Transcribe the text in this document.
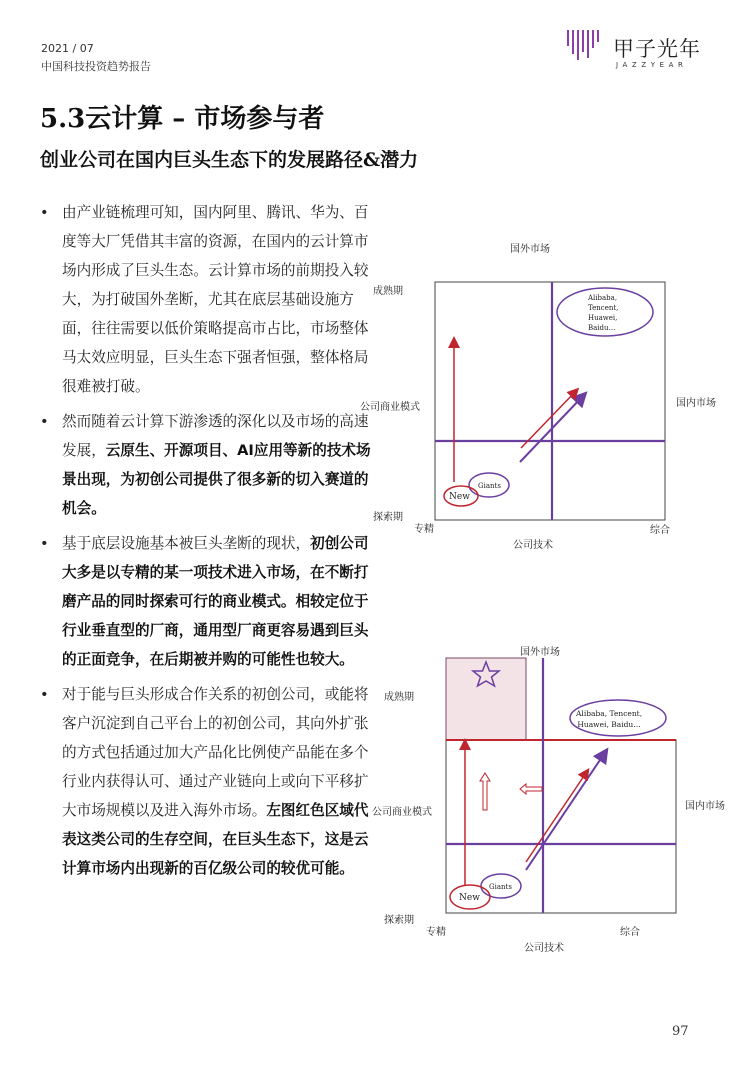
2021 / 07
中国科技投资趋势报告
甲子光年
JAZZYEAR
5.3云计算 – 市场参与者
创业公司在国内巨头生态下的发展路径&潜力
• 由产业链梳理可知，国内阿里、腾讯、华为、百度等大厂凭借其丰富的资源，在国内的云计算市场内形成了巨头生态。云计算市场的前期投入较大，为打破国外垄断，尤其在底层基础设施方面，往往需要以低价策略提高市占比，市场整体马太效应明显，巨头生态下强者恒强，整体格局很难被打破。
• 然而随着云计算下游渗透的深化以及市场的高速发展，云原生、开源项目、AI应用等新的技术场景出现，为初创公司提供了很多新的切入赛道的机会。
• 基于底层设施基本被巨头垄断的现状，初创公司大多是以专精的某一项技术进入市场，在不断打磨产品的同时探索可行的商业模式。相较定位于行业垂直型的厂商，通用型厂商更容易遇到巨头的正面竞争，在后期被并购的可能性也较大。
• 对于能与巨头形成合作关系的初创公司，或能将客户沉淀到自己平台上的初创公司，其向外扩张的方式包括通过加大产品化比例使产品能在多个行业内获得认可、通过产业链向上或向下平移扩大市场规模以及进入海外市场。左图红色区域代表这类公司的生存空间，在巨头生态下，这是云计算市场内出现新的百亿级公司的较优可能。
国外市场
国内市场
公司商业模式
公司技术
成熟期
探索期
专精	综合
Alibaba,
Tencent,
Huawei,
Baidu…
Giants
New
国外市场
国内市场
公司商业模式
公司技术
成熟期
探索期
专精	综合
Alibaba, Tencent,
Huawei, Baidu…
Giants
New
97
